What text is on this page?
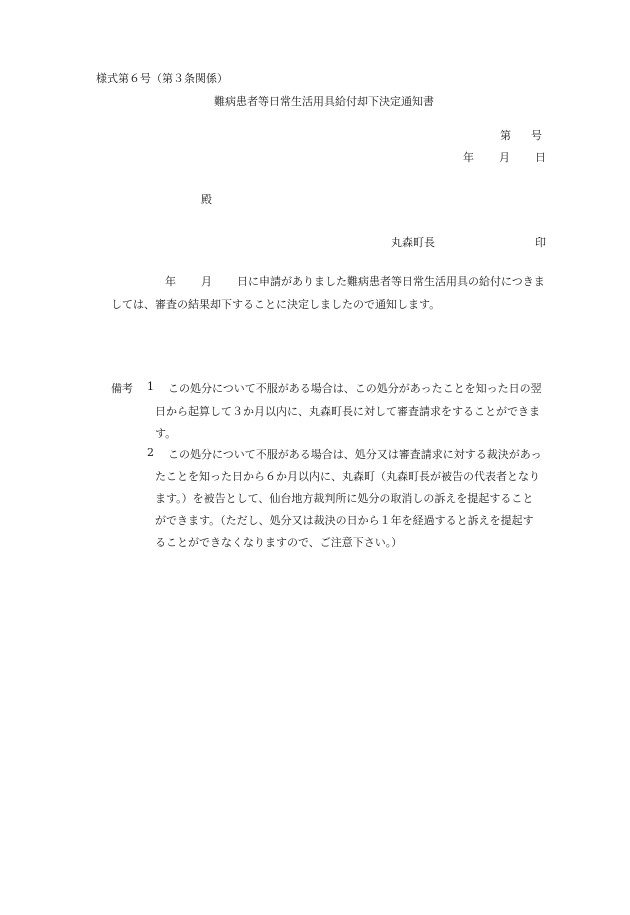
様式第６号（第３条関係）
難病患者等日常生活用具給付却下決定通知書
第 号
年 月 日
殿
丸森町長	印
年 月 日に申請がありました難病患者等日常生活用具の給付につきま
しては、審査の結果却下することに決定しましたので通知します。
備考 1 この処分について不服がある場合は、この処分があったことを知った日の翌
日から起算して３か月以内に、丸森町長に対して審査請求をすることができま
す。
2 この処分について不服がある場合は、処分又は審査請求に対する裁決があっ
たことを知った日から６か月以内に、丸森町（丸森町長が被告の代表者となり
ます。）を被告として、仙台地方裁判所に処分の取消しの訴えを提起すること
ができます。（ただし、処分又は裁決の日から１年を経過すると訴えを提起す
ることができなくなりますので、ご注意下さい。）
